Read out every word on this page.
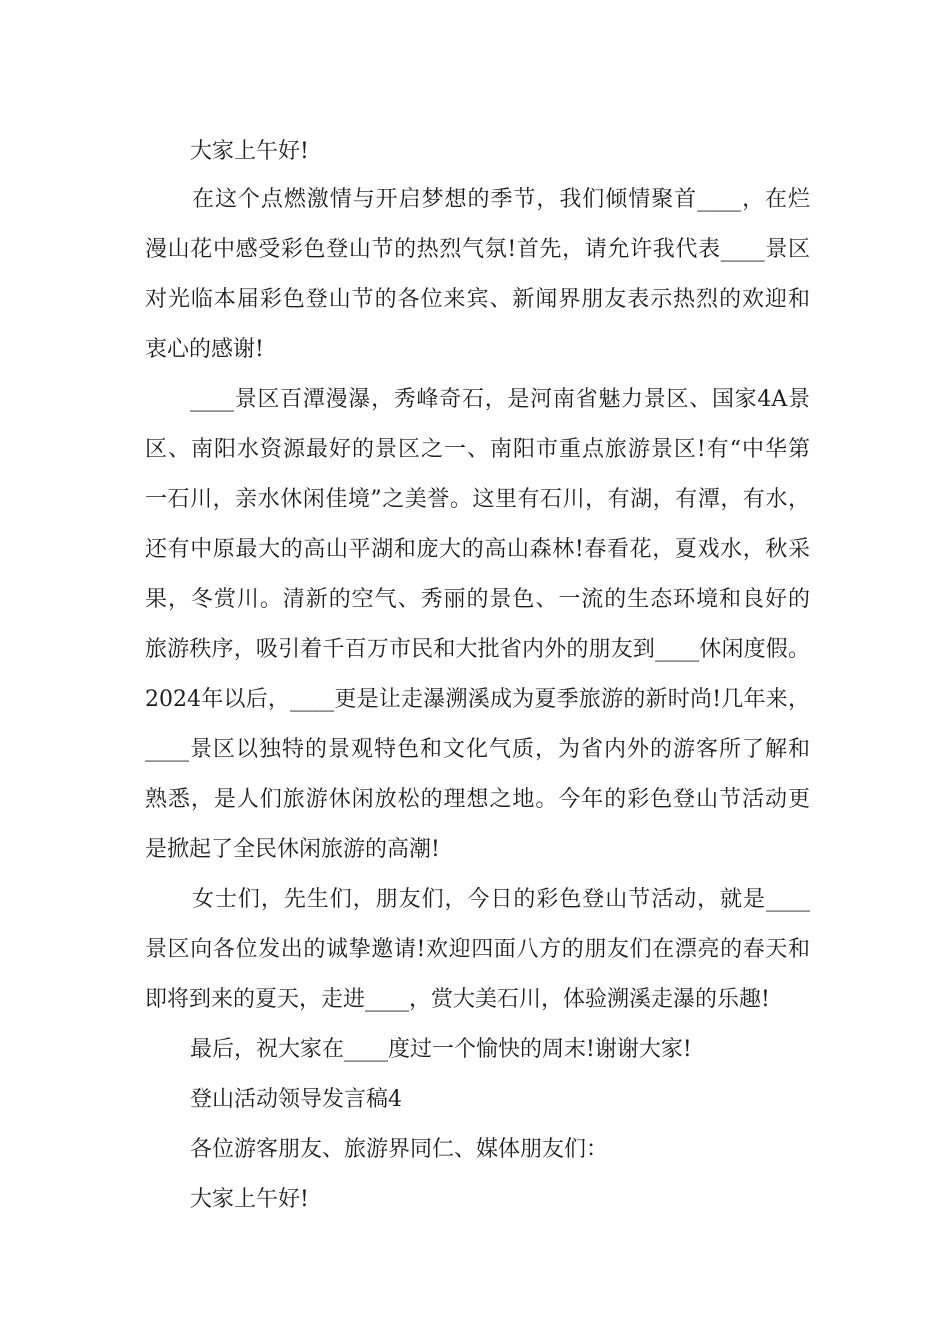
大家上午好!

在这个点燃激情与开启梦想的季节，我们倾情聚首____，在烂

漫山花中感受彩色登山节的热烈气氛!首先，请允许我代表____景区

对光临本届彩色登山节的各位来宾、新闻界朋友表示热烈的欢迎和

衷心的感谢!

____景区百潭漫瀑，秀峰奇石，是河南省魅力景区、国家4A景

区、南阳水资源最好的景区之一、南阳市重点旅游景区!有“中华第

一石川，亲水休闲佳境”之美誉。这里有石川，有湖，有潭，有水，

还有中原最大的高山平湖和庞大的高山森林!春看花，夏戏水，秋采

果，冬赏川。清新的空气、秀丽的景色、一流的生态环境和良好的

旅游秩序，吸引着千百万市民和大批省内外的朋友到____休闲度假。

2024年以后，____更是让走瀑溯溪成为夏季旅游的新时尚!几年来，

____景区以独特的景观特色和文化气质，为省内外的游客所了解和

熟悉，是人们旅游休闲放松的理想之地。今年的彩色登山节活动更

是掀起了全民休闲旅游的高潮!

女士们，先生们，朋友们，今日的彩色登山节活动，就是____

景区向各位发出的诚挚邀请!欢迎四面八方的朋友们在漂亮的春天和

即将到来的夏天，走进____，赏大美石川，体验溯溪走瀑的乐趣!

最后，祝大家在____度过一个愉快的周末!谢谢大家!

登山活动领导发言稿4

各位游客朋友、旅游界同仁、媒体朋友们：

大家上午好!
